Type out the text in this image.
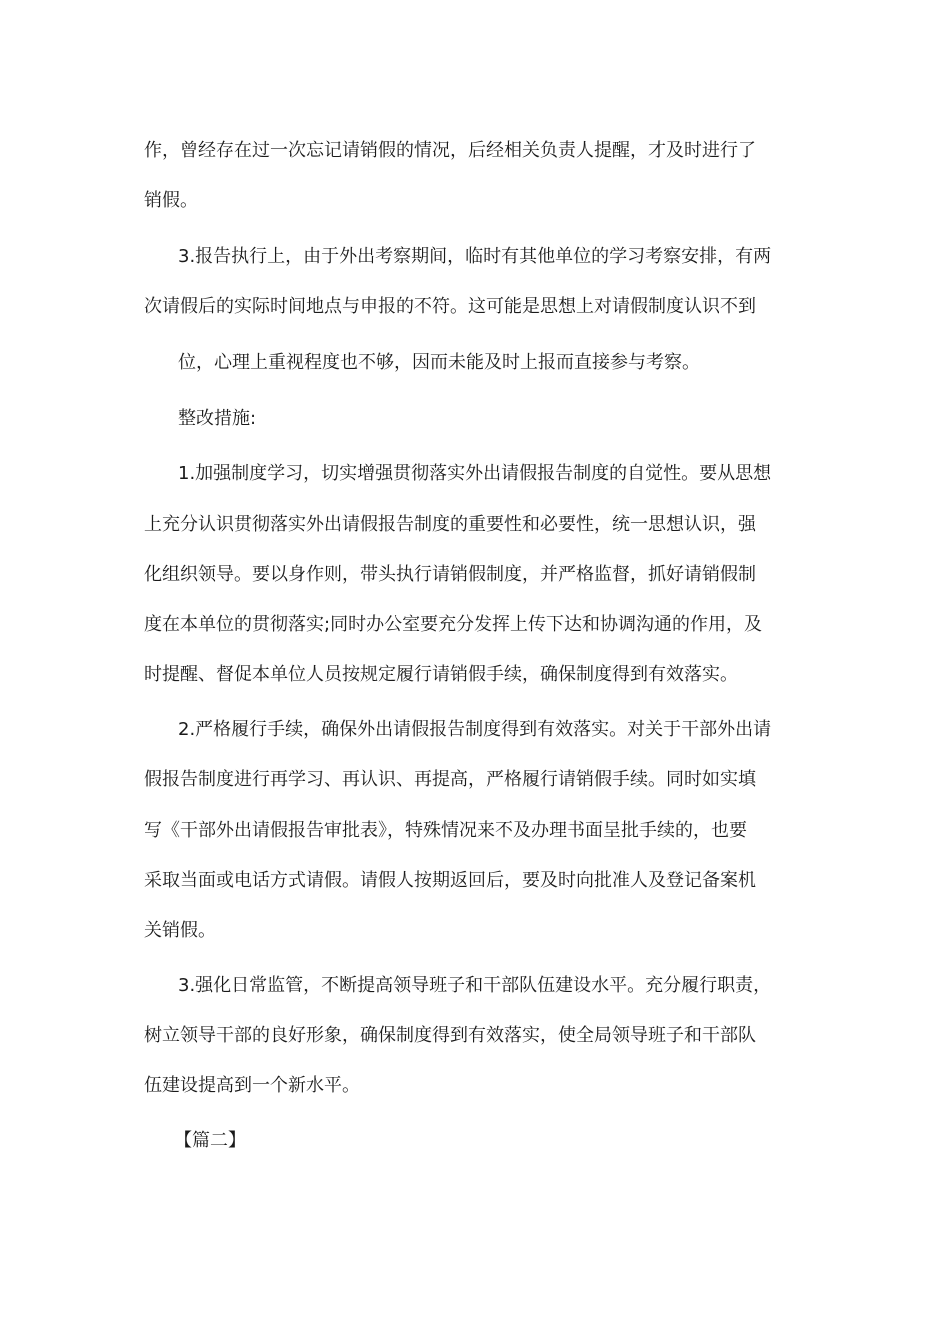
作，曾经存在过一次忘记请销假的情况，后经相关负责人提醒，才及时进行了
销假。
3.报告执行上，由于外出考察期间，临时有其他单位的学习考察安排，有两
次请假后的实际时间地点与申报的不符。这可能是思想上对请假制度认识不到
位，心理上重视程度也不够，因而未能及时上报而直接参与考察。
整改措施:
1.加强制度学习，切实增强贯彻落实外出请假报告制度的自觉性。要从思想
上充分认识贯彻落实外出请假报告制度的重要性和必要性，统一思想认识，强
化组织领导。要以身作则，带头执行请销假制度，并严格监督，抓好请销假制
度在本单位的贯彻落实;同时办公室要充分发挥上传下达和协调沟通的作用，及
时提醒、督促本单位人员按规定履行请销假手续，确保制度得到有效落实。
2.严格履行手续，确保外出请假报告制度得到有效落实。对关于干部外出请
假报告制度进行再学习、再认识、再提高，严格履行请销假手续。同时如实填
写《干部外出请假报告审批表》，特殊情况来不及办理书面呈批手续的，也要
采取当面或电话方式请假。请假人按期返回后，要及时向批准人及登记备案机
关销假。
3.强化日常监管，不断提高领导班子和干部队伍建设水平。充分履行职责，
树立领导干部的良好形象，确保制度得到有效落实，使全局领导班子和干部队
伍建设提高到一个新水平。
【篇二】
